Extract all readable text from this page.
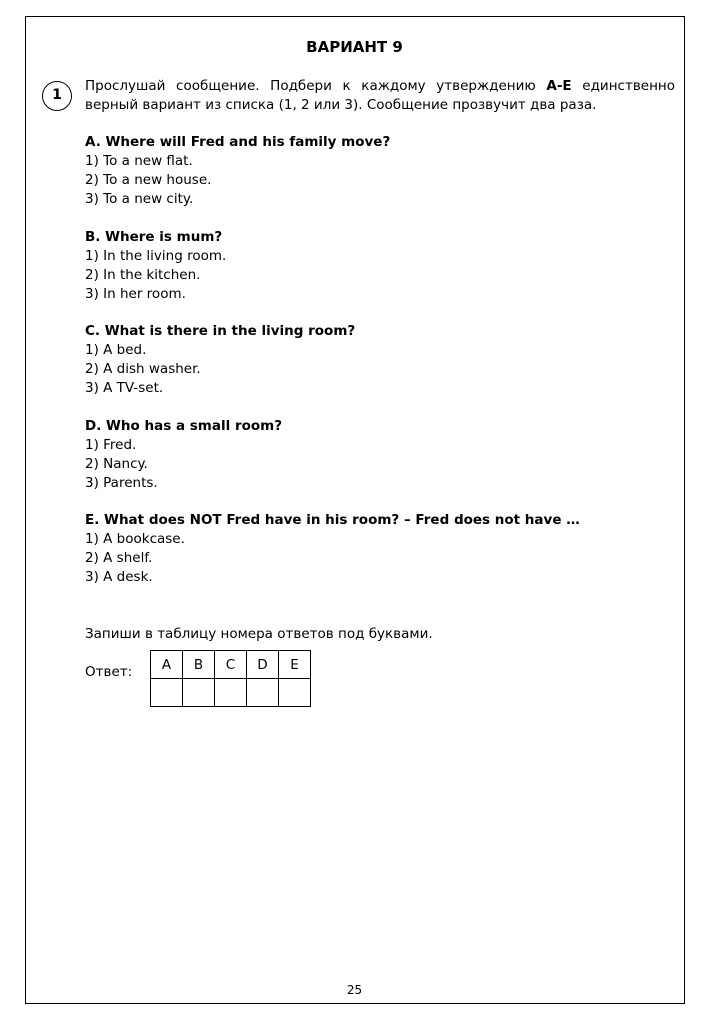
ВАРИАНТ 9
1
Прослушай сообщение. Подбери к каждому утверждению A-E единственно верный вариант из списка (1, 2 или 3). Сообщение прозвучит два раза.
A. Where will Fred and his family move?
1) To a new flat.
2) To a new house.
3) To a new city.
B. Where is mum?
1) In the living room.
2) In the kitchen.
3) In her room.
C. What is there in the living room?
1) A bed.
2) A dish washer.
3) A TV-set.
D. Who has a small room?
1) Fred.
2) Nancy.
3) Parents.
E. What does NOT Fred have in his room? – Fred does not have …
1) A bookcase.
2) A shelf.
3) A desk.
Запиши в таблицу номера ответов под буквами.
Ответ: A	B	C	D	E

25
